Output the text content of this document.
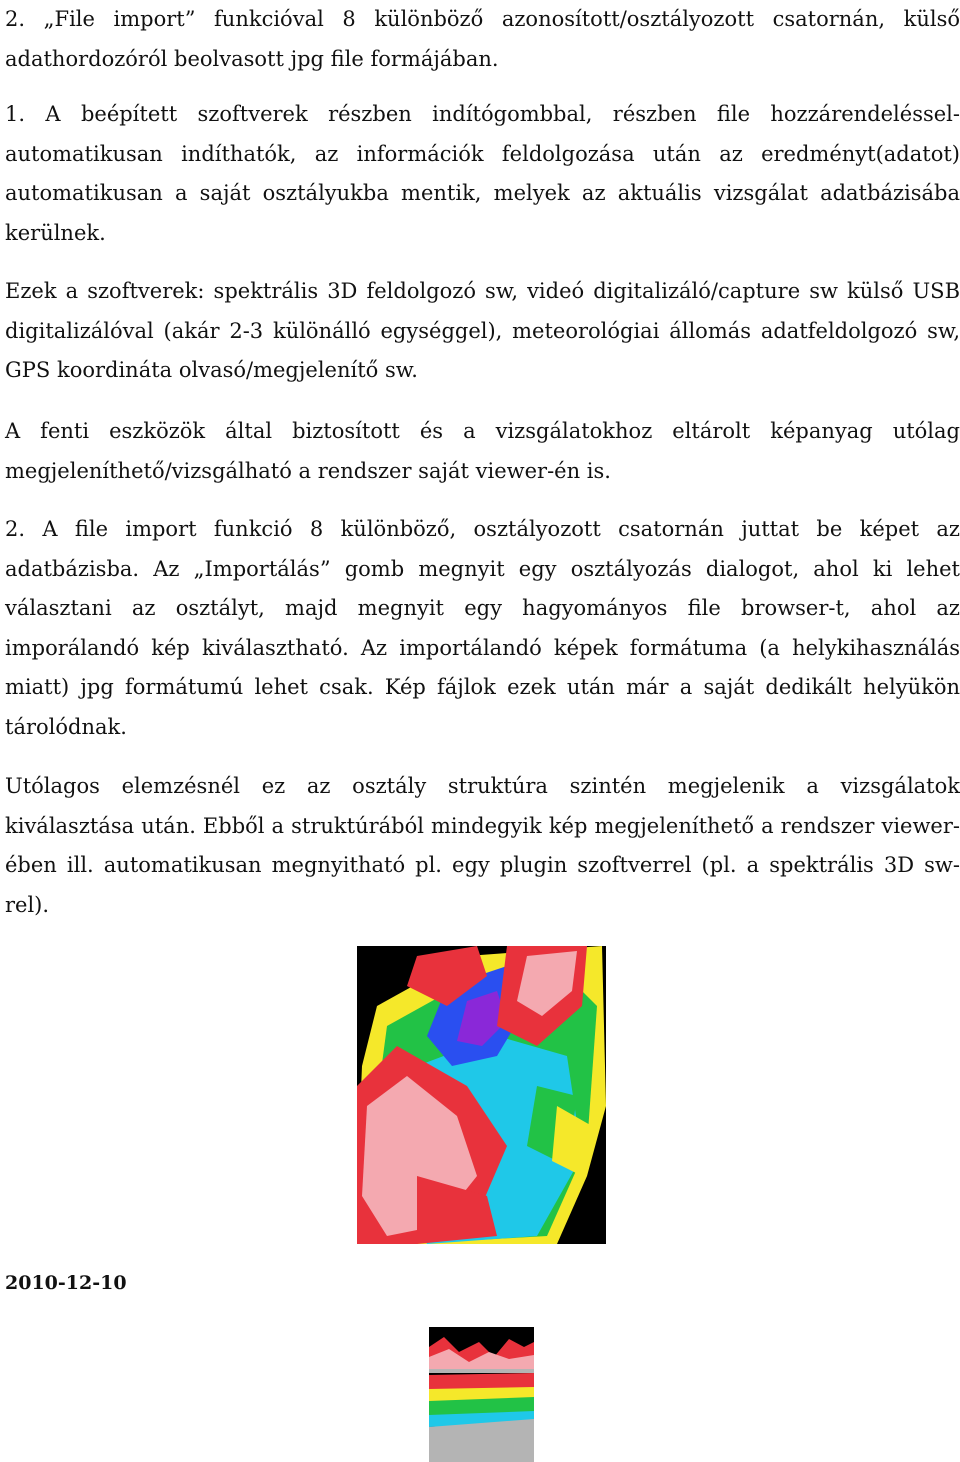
2. „File import” funkcióval 8 különböző azonosított/osztályozott csatornán, külső adathordozóról beolvasott jpg file formájában.

1. A beépített szoftverek részben indítógombbal, részben file hozzárendeléssel-automatikusan indíthatók, az információk feldolgozása után az eredményt(adatot) automatikusan a saját osztályukba mentik, melyek az aktuális vizsgálat adatbázisába kerülnek.

Ezek a szoftverek: spektrális 3D feldolgozó sw, videó digitalizáló/capture sw külső USB digitalizálóval (akár 2-3 különálló egységgel), meteorológiai állomás adatfeldolgozó sw, GPS koordináta olvasó/megjelenítő sw.

A fenti eszközök által biztosított és a vizsgálatokhoz eltárolt képanyag utólag megjeleníthető/vizsgálható a rendszer saját viewer-én is.

2. A file import funkció 8 különböző, osztályozott csatornán juttat be képet az adatbázisba. Az „Importálás” gomb megnyit egy osztályozás dialogot, ahol ki lehet választani az osztályt, majd megnyit egy hagyományos file browser-t, ahol az imporálandó kép kiválasztható. Az importálandó képek formátuma (a helykihasználás miatt) jpg formátumú lehet csak. Kép fájlok ezek után már a saját dedikált helyükön tárolódnak.

Utólagos elemzésnél ez az osztály struktúra szintén megjelenik a vizsgálatok kiválasztása után. Ebből a struktúrából mindegyik kép megjeleníthető a rendszer viewer-ében ill. automatikusan megnyitható pl. egy plugin szoftverrel (pl. a spektrális 3D sw-rel).

2010-12-10
